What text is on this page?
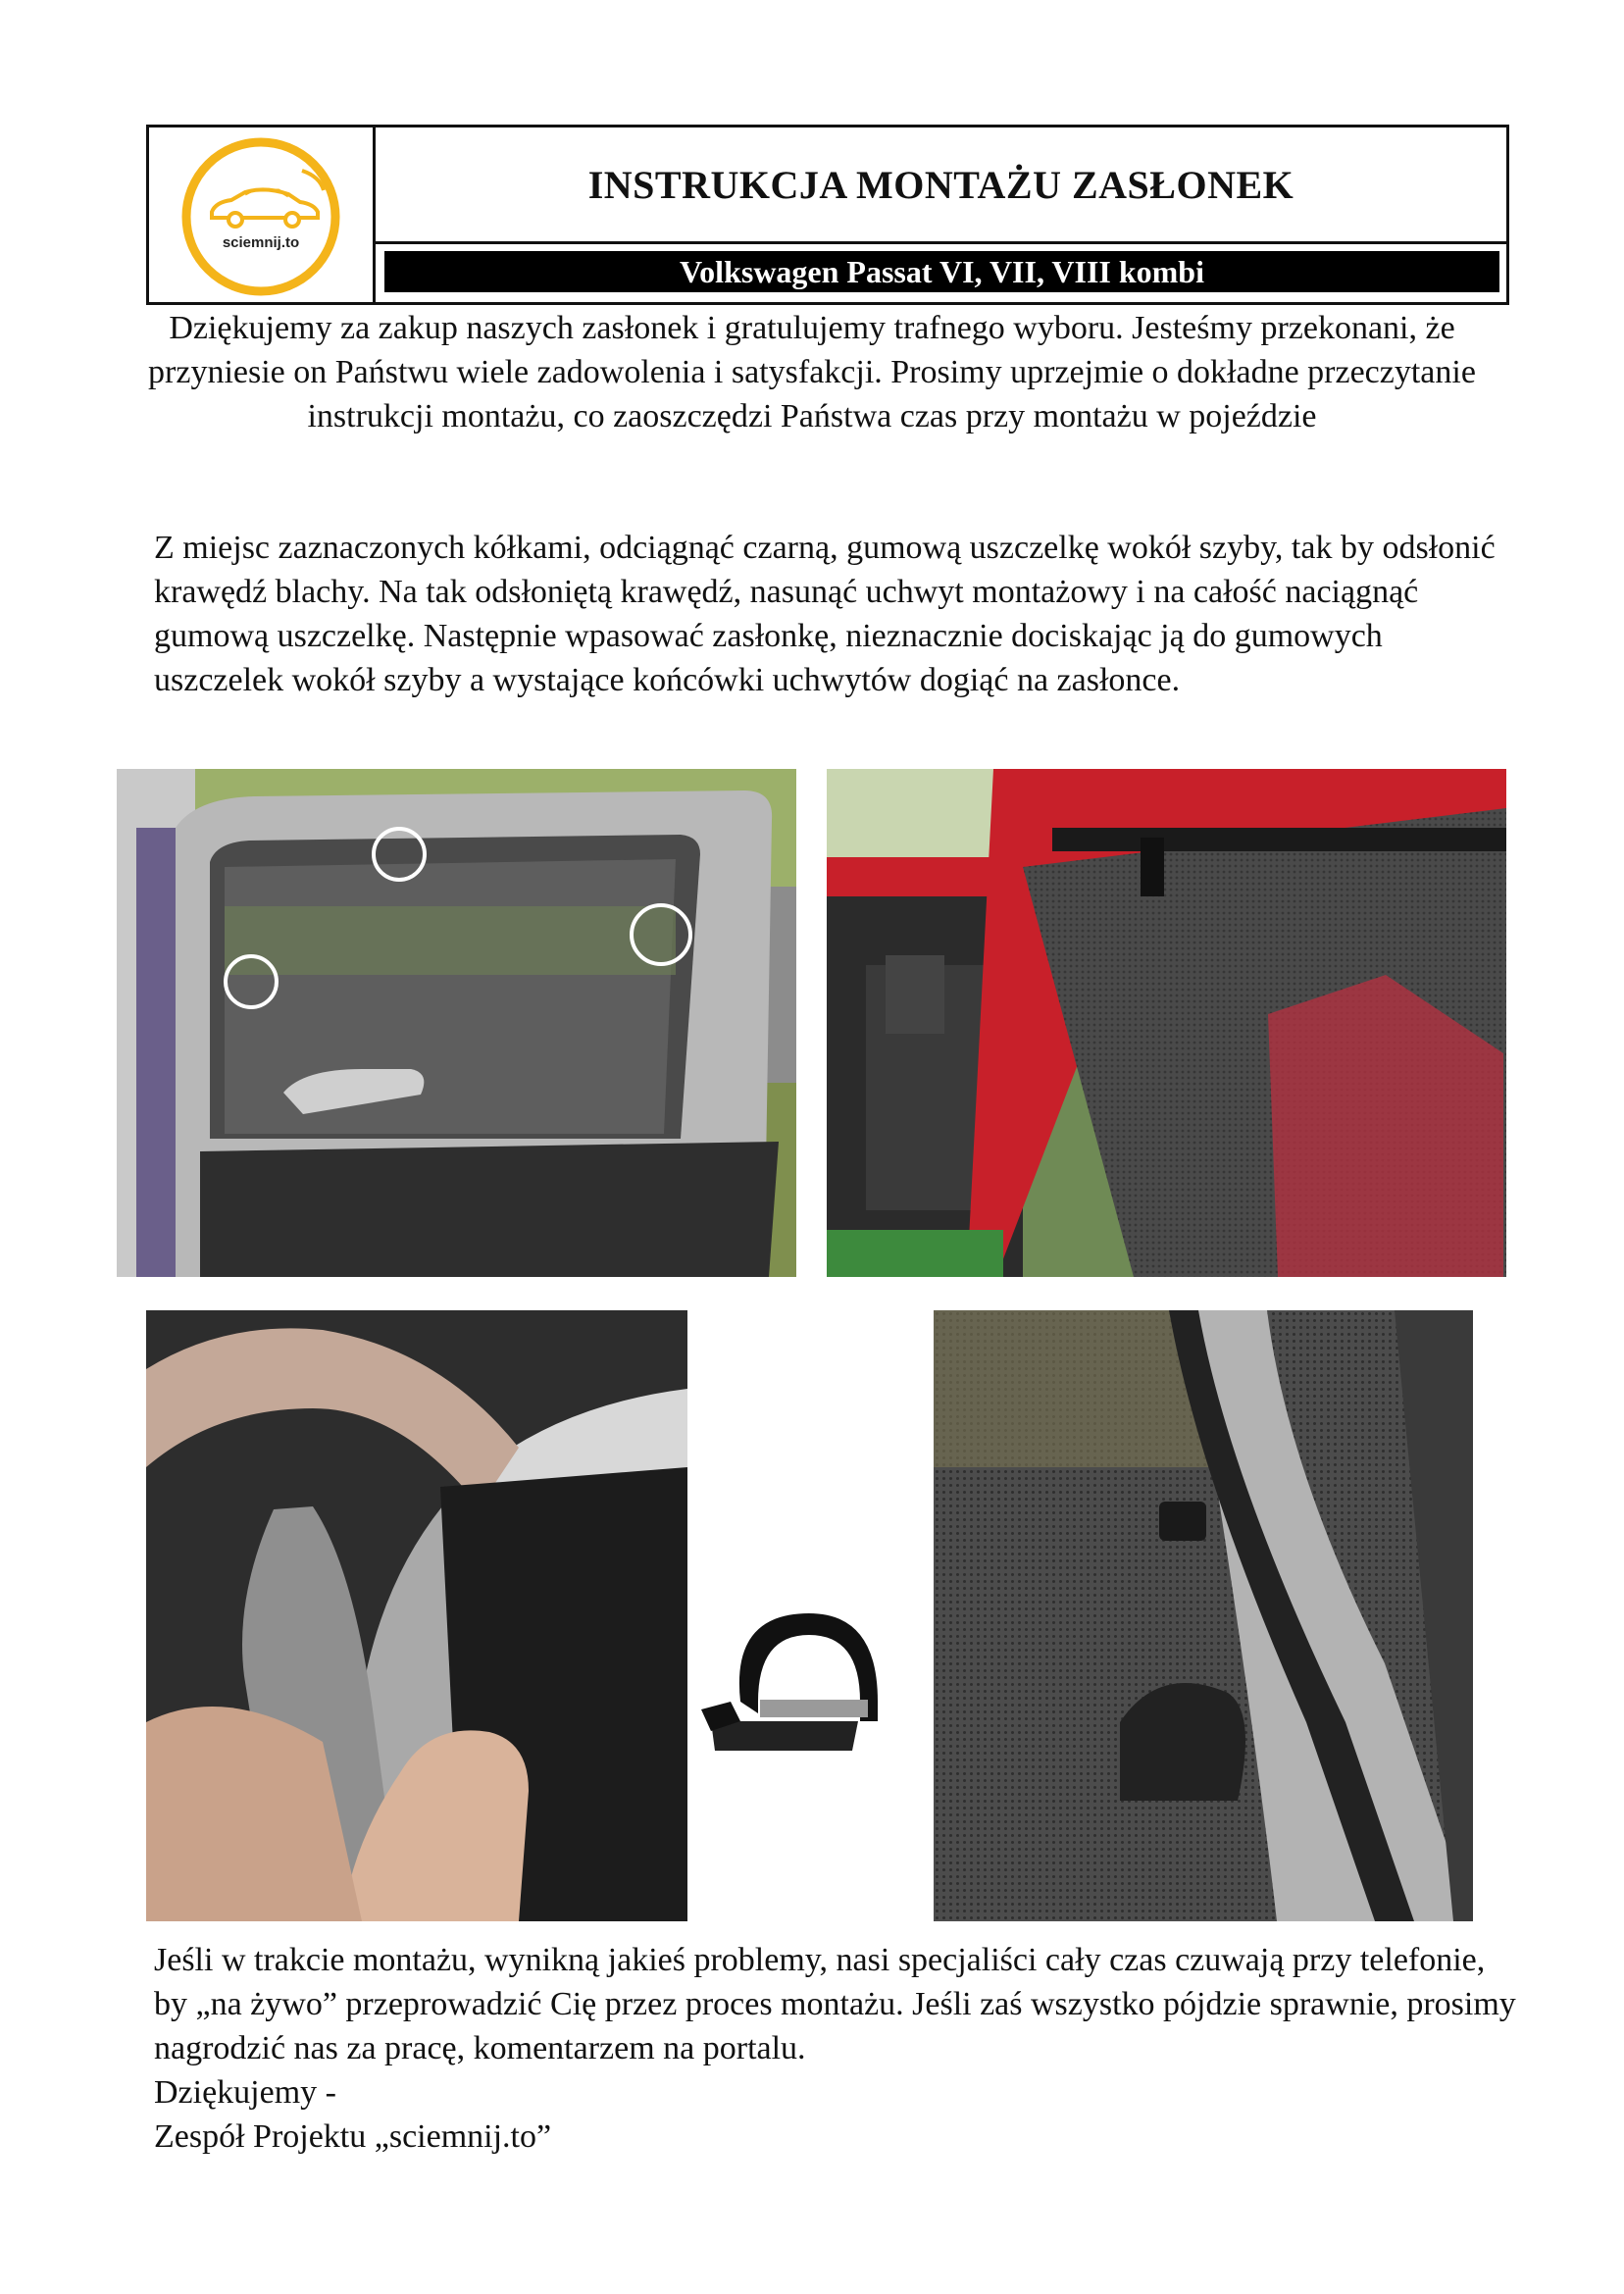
sciemnij.to
INSTRUKCJA MONTAŻU ZASŁONEK
Volkswagen Passat VI, VII, VIII kombi
Dziękujemy za zakup naszych zasłonek i gratulujemy trafnego wyboru. Jesteśmy przekonani, że przyniesie on Państwu wiele zadowolenia i satysfakcji. Prosimy uprzejmie o dokładne przeczytanie instrukcji montażu, co zaoszczędzi Państwa czas przy montażu w pojeździe

Z miejsc zaznaczonych kółkami, odciągnąć czarną, gumową uszczelkę wokół szyby, tak by odsłonić krawędź blachy. Na tak odsłoniętą krawędź, nasunąć uchwyt montażowy i na całość naciągnąć gumową uszczelkę. Następnie wpasować zasłonkę, nieznacznie dociskając ją do gumowych uszczelek wokół szyby a wystające końcówki uchwytów dogiąć na zasłonce.

Jeśli w trakcie montażu, wynikną jakieś problemy, nasi specjaliści cały czas czuwają przy telefonie, by „na żywo” przeprowadzić Cię przez proces montażu. Jeśli zaś wszystko pójdzie sprawnie, prosimy nagrodzić nas za pracę, komentarzem na portalu.

Dziękujemy -

Zespół Projektu „sciemnij.to”
